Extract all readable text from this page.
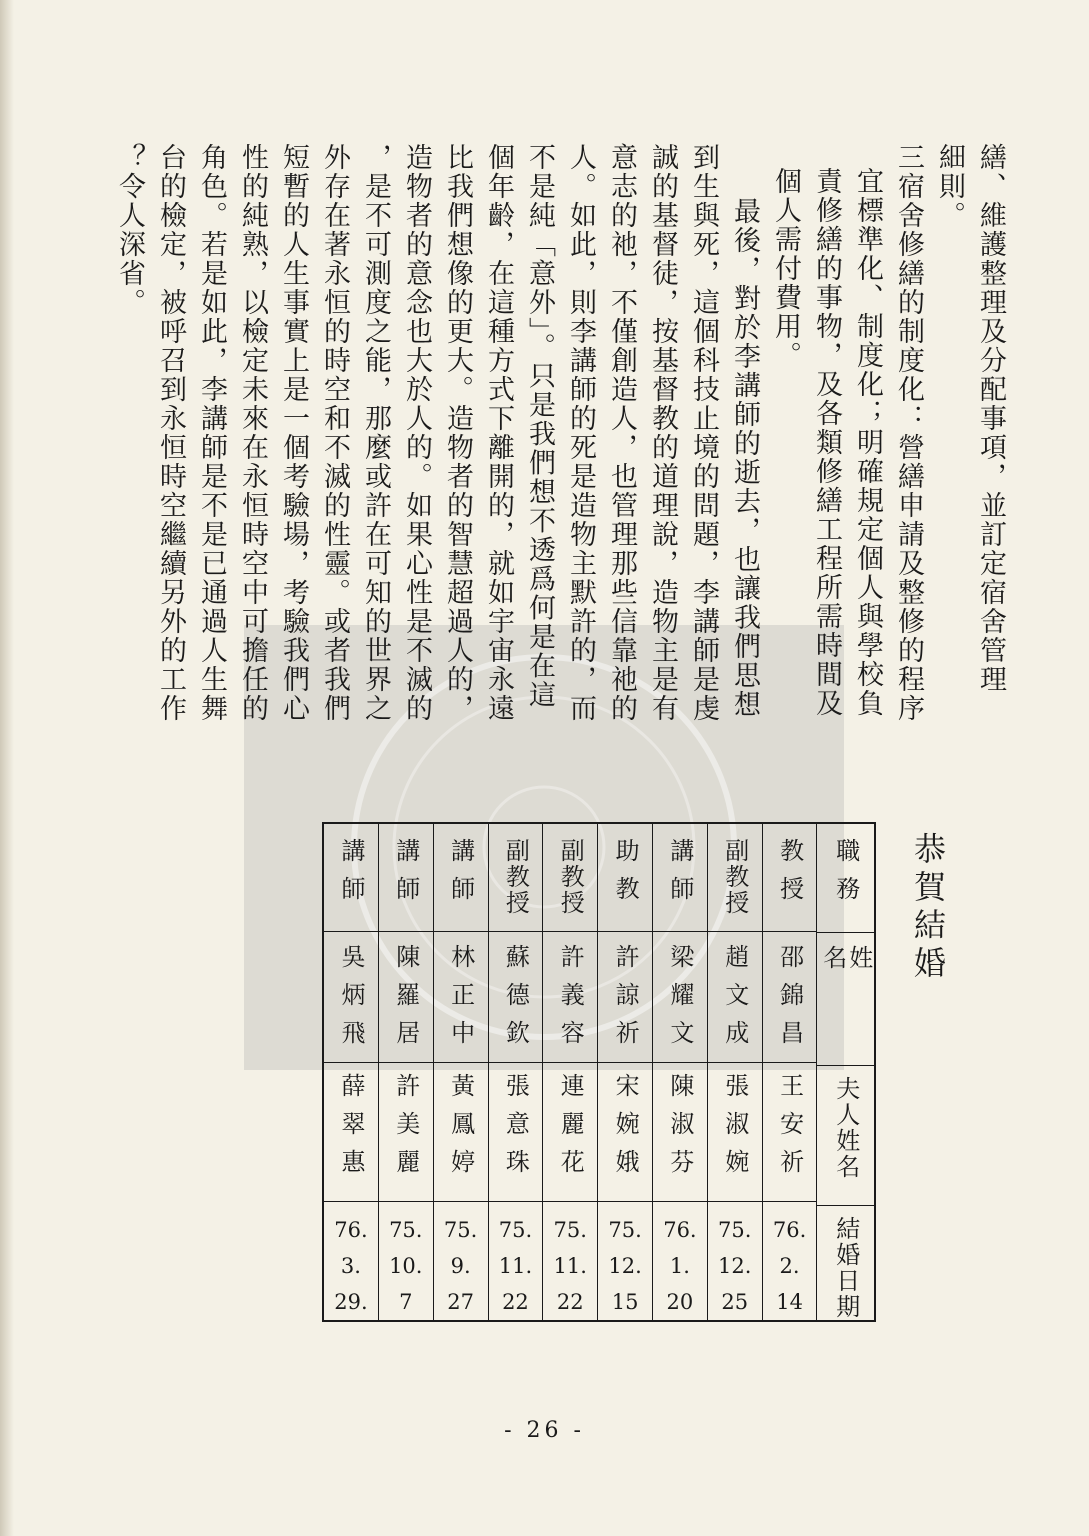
繕、維護整理及分配事項，並訂定宿舍管理
細則。
三宿舍修繕的制度化：營繕申請及整修的程序
宜標準化、制度化；明確規定個人與學校負
責修繕的事物，及各類修繕工程所需時間及
個人需付費用。
最後，對於李講師的逝去，也讓我們思想
到生與死，這個科技止境的問題，李講師是虔
誠的基督徒，按基督教的道理說，造物主是有
意志的祂，不僅創造人，也管理那些信靠祂的
人。如此，則李講師的死是造物主默許的，而
不是純「意外」。只是我們想不透爲何是在這
個年齡，在這種方式下離開的，就如宇宙永遠
比我們想像的更大。造物者的智慧超過人的，
造物者的意念也大於人的。如果心性是不滅的
，是不可測度之能，那麼或許在可知的世界之
外存在著永恒的時空和不滅的性靈。或者我們
短暫的人生事實上是一個考驗場，考驗我們心
性的純熟，以檢定未來在永恒時空中可擔任的
角色。若是如此，李講師是不是已通過人生舞
台的檢定，被呼召到永恒時空繼續另外的工作
？令人深省。
恭賀結婚
職務
姓名
夫人姓名
結婚日期
教授
邵錦昌
王安祈
76.
2.
14
副教授
趙文成
張淑婉
75.
12.
25
講師
梁耀文
陳淑芬
76.
1.
20
助教
許諒祈
宋婉娥
75.
12.
15
副教授
許義容
連麗花
75.
11.
22
副教授
蘇德欽
張意珠
75.
11.
22
講師
林正中
黃鳳婷
75.
9.
27
講師
陳羅居
許美麗
75.
10.
7
講師
吳炳飛
薛翠惠
76.
3.
29.
- 26 -
